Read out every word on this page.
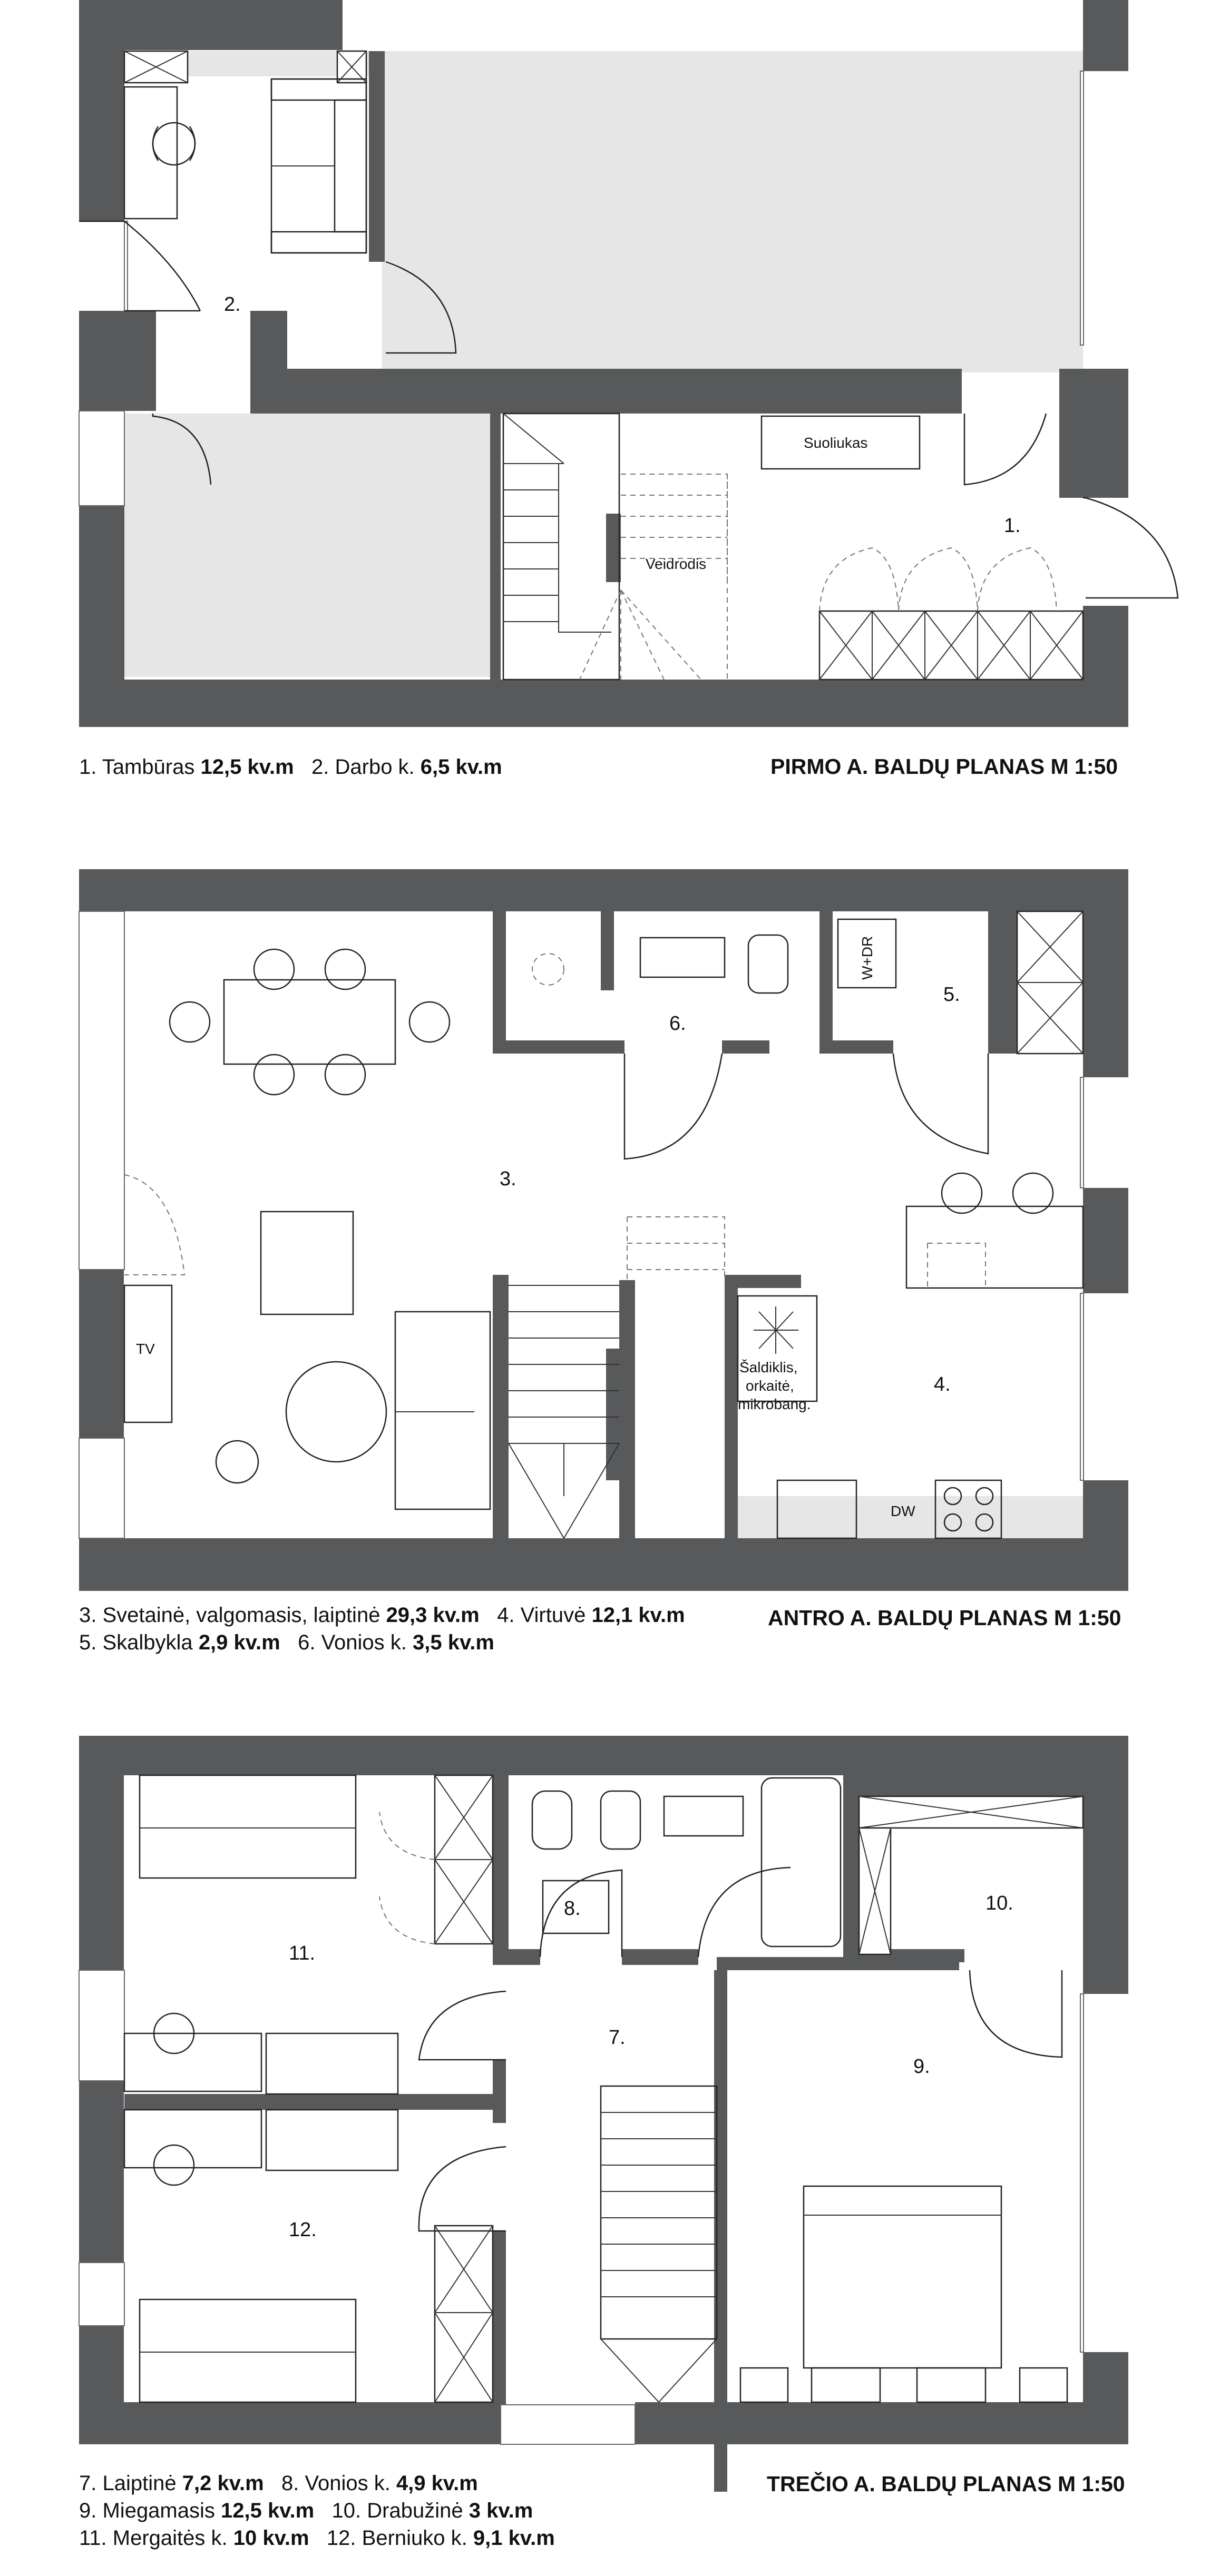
2.
1.
Suoliukas
Veidrodis
W+DR
Šaldiklis,
orkaitė,
mikrobang.
DW
3.
4.
5.
6.
TV
7.
8.
9.
10.
11.
12.
1. Tambūras 12,5 kv.m 2. Darbo k. 6,5 kv.m	PIRMO A. BALDŲ PLANAS M 1:50
3. Svetainė, valgomasis, laiptinė 29,3 kv.m 4. Virtuvė 12,1 kv.m
5. Skalbykla 2,9 kv.m 6. Vonios k. 3,5 kv.m
ANTRO A. BALDŲ PLANAS M 1:50
7. Laiptinė 7,2 kv.m 8. Vonios k. 4,9 kv.m
9. Miegamasis 12,5 kv.m 10. Drabužinė 3 kv.m
11. Mergaitės k. 10 kv.m 12. Berniuko k. 9,1 kv.m
TREČIO A. BALDŲ PLANAS M 1:50
